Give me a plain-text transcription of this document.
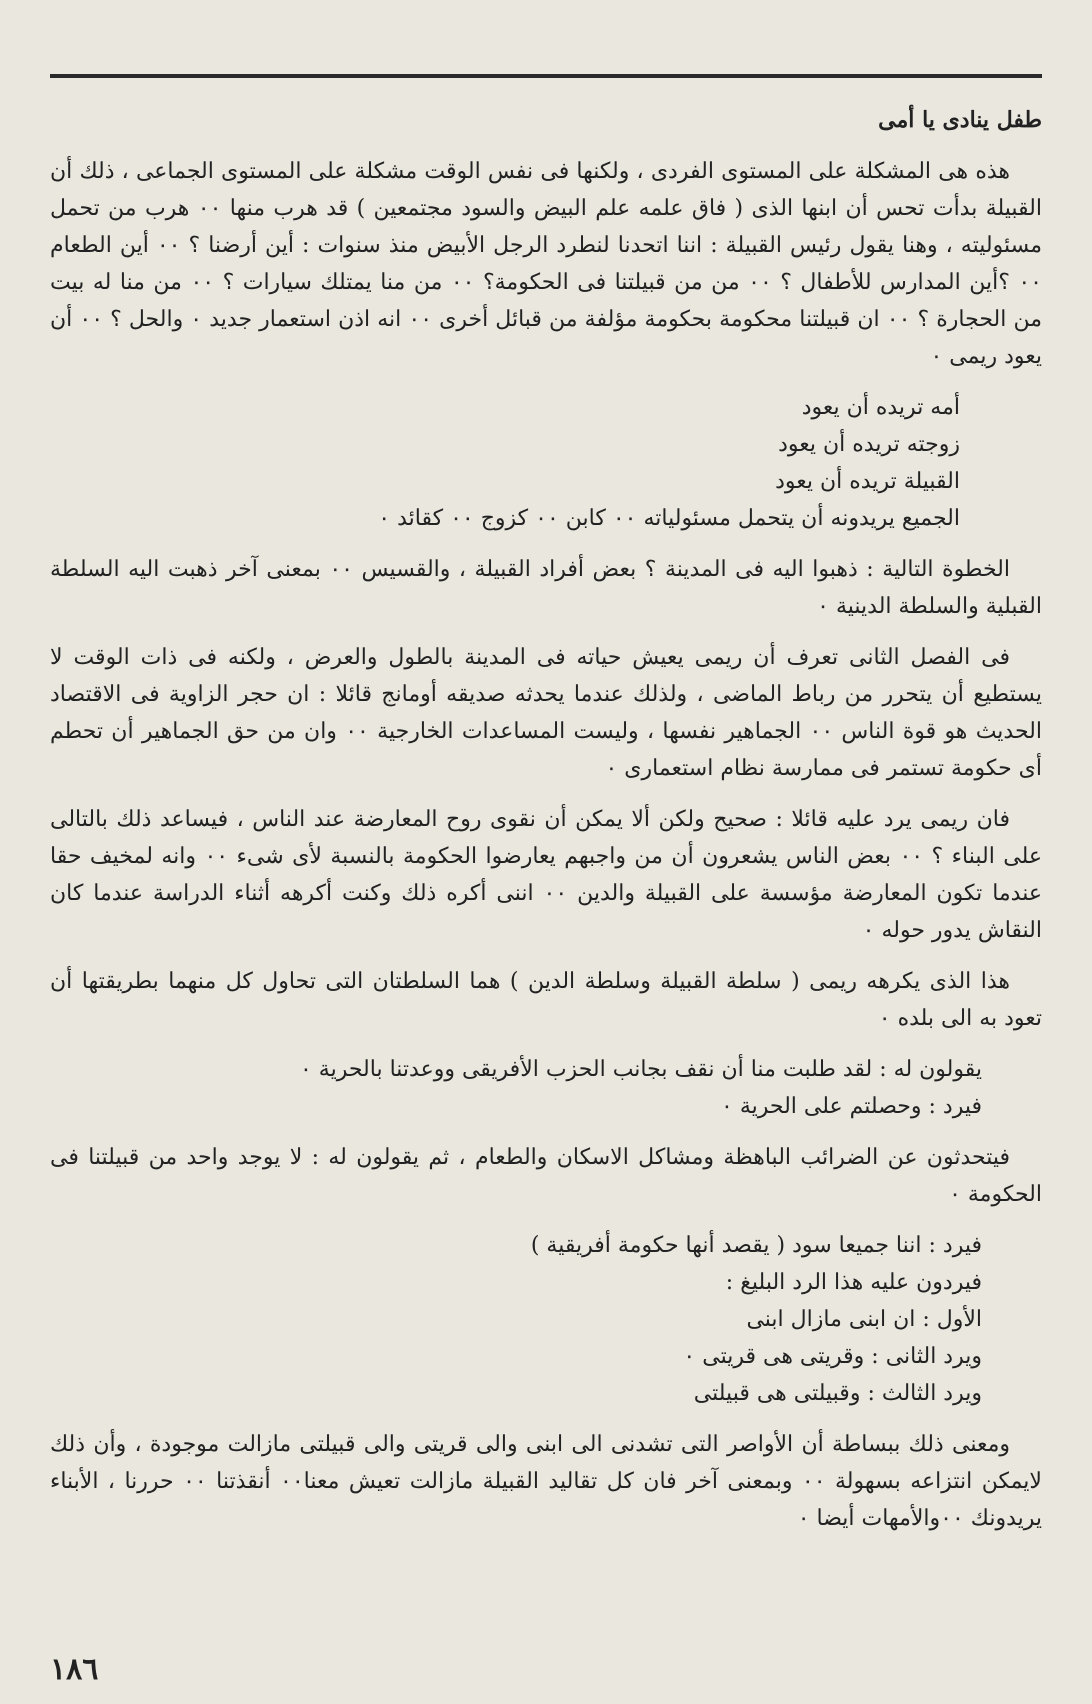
طفل ينادى يا أمى

هذه هى المشكلة على المستوى الفردى ، ولكنها فى نفس الوقت مشكلة على المستوى الجماعى ، ذلك أن القبيلة بدأت تحس أن ابنها الذى ( فاق علمه علم البيض والسود مجتمعين ) قد هرب منها ٠٠ هرب من تحمل مسئوليته ، وهنا يقول رئيس القبيلة : اننا اتحدنا لنطرد الرجل الأبيض منذ سنوات : أين أرضنا ؟ ٠٠ أين الطعام ٠٠ ؟أين المدارس للأطفال ؟ ٠٠ من من قبيلتنا فى الحكومة؟ ٠٠ من منا يمتلك سيارات ؟ ٠٠ من منا له بيت من الحجارة ؟ ٠٠ ان قبيلتنا محكومة بحكومة مؤلفة من قبائل أخرى ٠٠ انه اذن استعمار جديد ٠ والحل ؟ ٠٠ أن يعود ريمى ٠

أمه تريده أن يعود

زوجته تريده أن يعود

القبيلة تريده أن يعود

الجميع يريدونه أن يتحمل مسئولياته ٠٠ كابن ٠٠ كزوج ٠٠ كقائد ٠

الخطوة التالية : ذهبوا اليه فى المدينة ؟ بعض أفراد القبيلة ، والقسيس ٠٠ بمعنى آخر ذهبت اليه السلطة القبلية والسلطة الدينية ٠

فى الفصل الثانى تعرف أن ريمى يعيش حياته فى المدينة بالطول والعرض ، ولكنه فى ذات الوقت لا يستطيع أن يتحرر من رباط الماضى ، ولذلك عندما يحدثه صديقه أومانج قائلا : ان حجر الزاوية فى الاقتصاد الحديث هو قوة الناس ٠٠ الجماهير نفسها ، وليست المساعدات الخارجية ٠٠ وان من حق الجماهير أن تحطم أى حكومة تستمر فى ممارسة نظام استعمارى ٠

فان ريمى يرد عليه قائلا : صحيح ولكن ألا يمكن أن نقوى روح المعارضة عند الناس ، فيساعد ذلك بالتالى على البناء ؟ ٠٠ بعض الناس يشعرون أن من واجبهم يعارضوا الحكومة بالنسبة لأى شىء ٠٠ وانه لمخيف حقا عندما تكون المعارضة مؤسسة على القبيلة والدين ٠٠ اننى أكره ذلك وكنت أكرهه أثناء الدراسة عندما كان النقاش يدور حوله ٠

هذا الذى يكرهه ريمى ( سلطة القبيلة وسلطة الدين ) هما السلطتان التى تحاول كل منهما بطريقتها أن تعود به الى بلده ٠

يقولون له : لقد طلبت منا أن نقف بجانب الحزب الأفريقى ووعدتنا بالحرية ٠

فيرد : وحصلتم على الحرية ٠

فيتحدثون عن الضرائب الباهظة ومشاكل الاسكان والطعام ، ثم يقولون له : لا يوجد واحد من قبيلتنا فى الحكومة ٠

فيرد : اننا جميعا سود ( يقصد أنها حكومة أفريقية )

فيردون عليه هذا الرد البليغ :

الأول : ان ابنى مازال ابنى

ويرد الثانى : وقريتى هى قريتى ٠

ويرد الثالث : وقبيلتى هى قبيلتى

ومعنى ذلك ببساطة أن الأواصر التى تشدنى الى ابنى والى قريتى والى قبيلتى مازالت موجودة ، وأن ذلك لايمكن انتزاعه بسهولة ٠٠ وبمعنى آخر فان كل تقاليد القبيلة مازالت تعيش معنا٠٠ أنقذتنا ٠٠ حررنا ، الأبناء يريدونك ٠٠والأمهات أيضا ٠

١٨٦
